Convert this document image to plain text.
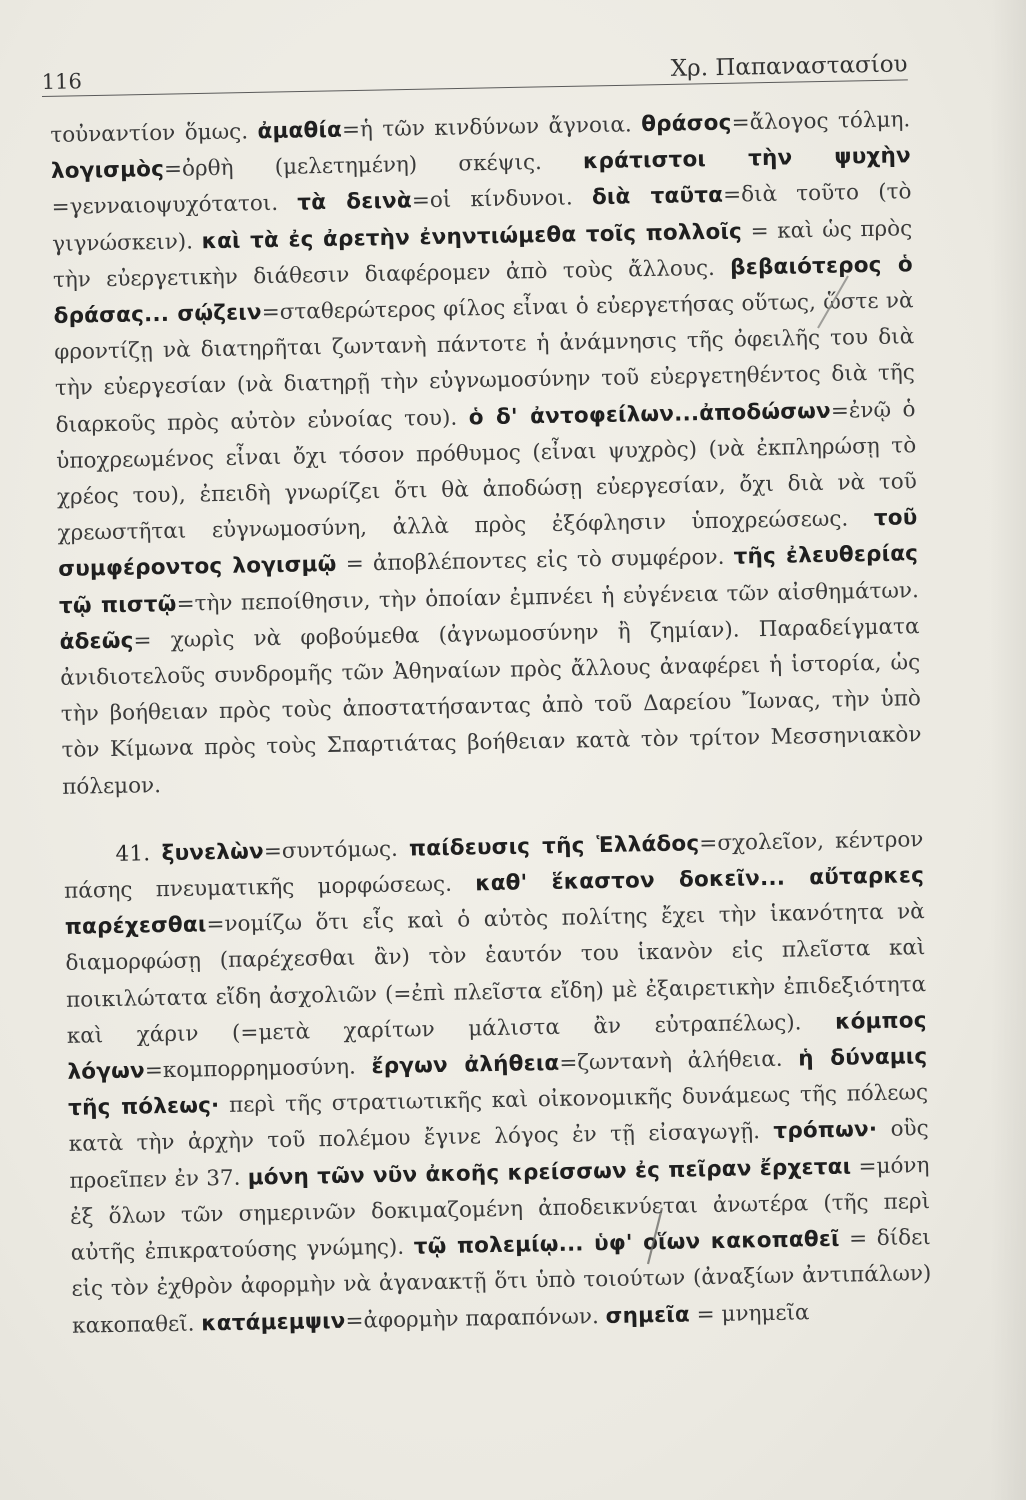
116	Χρ. Παπαναστασίου

τοὐναντίον ὅμως. ἀμαθία=ἡ τῶν κινδύνων ἄγνοια. θράσος=ἄλογος τόλμη. λογισμὸς=ὀρθὴ (μελετημένη) σκέψις. κράτιστοι τὴν ψυχὴν =γενναιοψυχότατοι. τὰ δεινὰ=οἱ κίνδυνοι. διὰ ταῦτα=διὰ τοῦτο (τὸ γιγνώσκειν). καὶ τὰ ἐς ἀρετὴν ἐνηντιώμεθα τοῖς πολλοῖς = καὶ ὡς πρὸς τὴν εὐεργετικὴν διάθεσιν διαφέρομεν ἀπὸ τοὺς ἄλλους. βεβαιότερος ὁ δράσας... σῴζειν=σταθερώτερος φίλος εἶναι ὁ εὐεργετήσας οὕτως, ὥστε νὰ φροντίζῃ νὰ διατηρῆται ζωντανὴ πάντοτε ἡ ἀνάμνησις τῆς ὀφειλῆς του διὰ τὴν εὐεργεσίαν (νὰ διατηρῇ τὴν εὐγνωμοσύνην τοῦ εὐεργετηθέντος διὰ τῆς διαρκοῦς πρὸς αὐτὸν εὐνοίας του). ὁ δ' ἀντοφείλων...ἀποδώσων=ἐνῷ ὁ ὑποχρεωμένος εἶναι ὄχι τόσον πρόθυμος (εἶναι ψυχρὸς) (νὰ ἐκπληρώσῃ τὸ χρέος του), ἐπειδὴ γνωρίζει ὅτι θὰ ἀποδώσῃ εὐεργεσίαν, ὄχι διὰ νὰ τοῦ χρεωστῆται εὐγνωμοσύνη, ἀλλὰ πρὸς ἐξόφλησιν ὑποχρεώσεως. τοῦ συμφέροντος λογισμῷ = ἀποβλέποντες εἰς τὸ συμφέρον. τῆς ἐλευθερίας τῷ πιστῷ=τὴν πεποίθησιν, τὴν ὁποίαν ἐμπνέει ἡ εὐγένεια τῶν αἰσθημάτων. ἀδεῶς= χωρὶς νὰ φοβούμεθα (ἀγνωμοσύνην ἢ ζημίαν). Παραδείγματα ἀνιδιοτελοῦς συνδρομῆς τῶν Ἀθηναίων πρὸς ἄλλους ἀναφέρει ἡ ἱστορία, ὡς τὴν βοήθειαν πρὸς τοὺς ἀποστατήσαντας ἀπὸ τοῦ Δαρείου Ἴωνας, τὴν ὑπὸ τὸν Κίμωνα πρὸς τοὺς Σπαρτιάτας βοήθειαν κατὰ τὸν τρίτον Μεσσηνιακὸν πόλεμον.

41. ξυνελὼν=συντόμως. παίδευσις τῆς Ἑλλάδος=σχολεῖον, κέντρον πάσης πνευματικῆς μορφώσεως. καθ' ἕκαστον δοκεῖν... αὔταρκες παρέχεσθαι=νομίζω ὅτι εἷς καὶ ὁ αὐτὸς πολίτης ἔχει τὴν ἱκανότητα νὰ διαμορφώσῃ (παρέχεσθαι ἂν) τὸν ἑαυτόν του ἱκανὸν εἰς πλεῖστα καὶ ποικιλώτατα εἴδη ἀσχολιῶν (=ἐπὶ πλεῖστα εἴδη) μὲ ἐξαιρετικὴν ἐπιδεξιότητα καὶ χάριν (=μετὰ χαρίτων μάλιστα ἂν εὐτραπέλως). κόμπος λόγων=κομπορρημοσύνη. ἔργων ἀλήθεια=ζωντανὴ ἀλήθεια. ἡ δύναμις τῆς πόλεως· περὶ τῆς στρατιωτικῆς καὶ οἰκονομικῆς δυνάμεως τῆς πόλεως κατὰ τὴν ἀρχὴν τοῦ πολέμου ἔγινε λόγος ἐν τῇ εἰσαγωγῇ. τρόπων· οὓς προεῖπεν ἐν 37. μόνη τῶν νῦν ἀκοῆς κρείσσων ἐς πεῖραν ἔρχεται =μόνη ἐξ ὅλων τῶν σημερινῶν δοκιμαζομένη ἀποδεικνύεται ἀνωτέρα (τῆς περὶ αὐτῆς ἐπικρατούσης γνώμης). τῷ πολεμίῳ... ὑφ' οἵων κακοπαθεῖ = δίδει εἰς τὸν ἐχθρὸν ἀφορμὴν νὰ ἀγανακτῇ ὅτι ὑπὸ τοιούτων (ἀναξίων ἀντιπάλων) κακοπαθεῖ. κατάμεμψιν=ἀφορμὴν παραπόνων. σημεῖα = μνημεῖα
